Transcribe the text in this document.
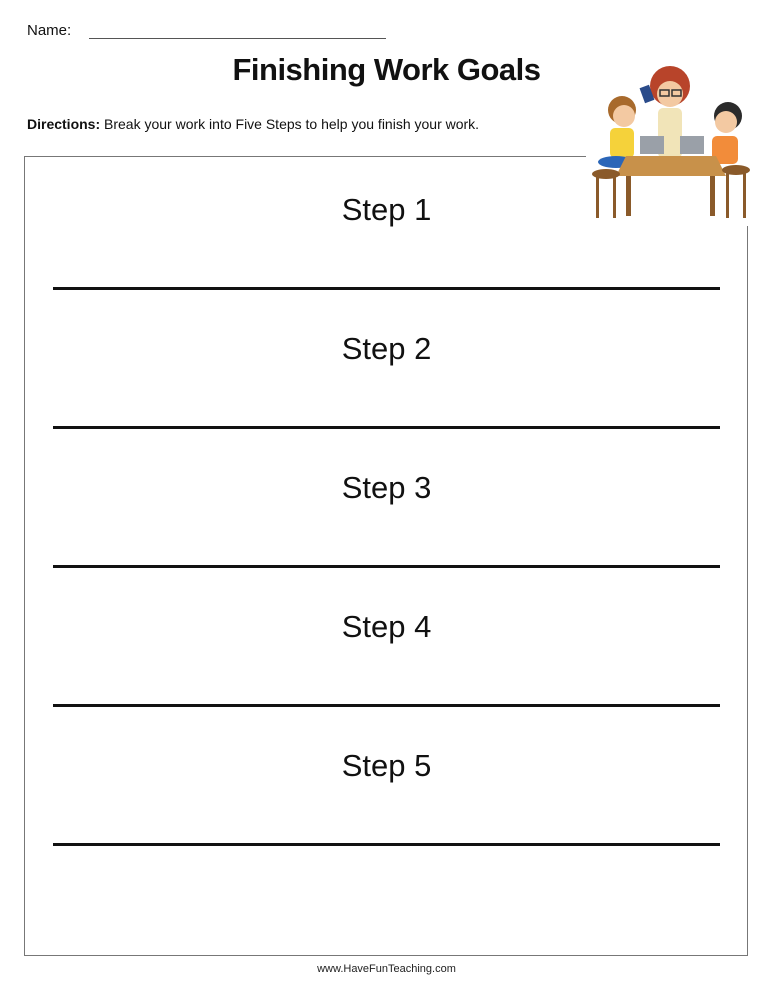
Name:
Finishing Work Goals
Directions: Break your work into Five Steps to help you finish your work.
Step 1
Step 2
Step 3
Step 4
Step 5
www.HaveFunTeaching.com
